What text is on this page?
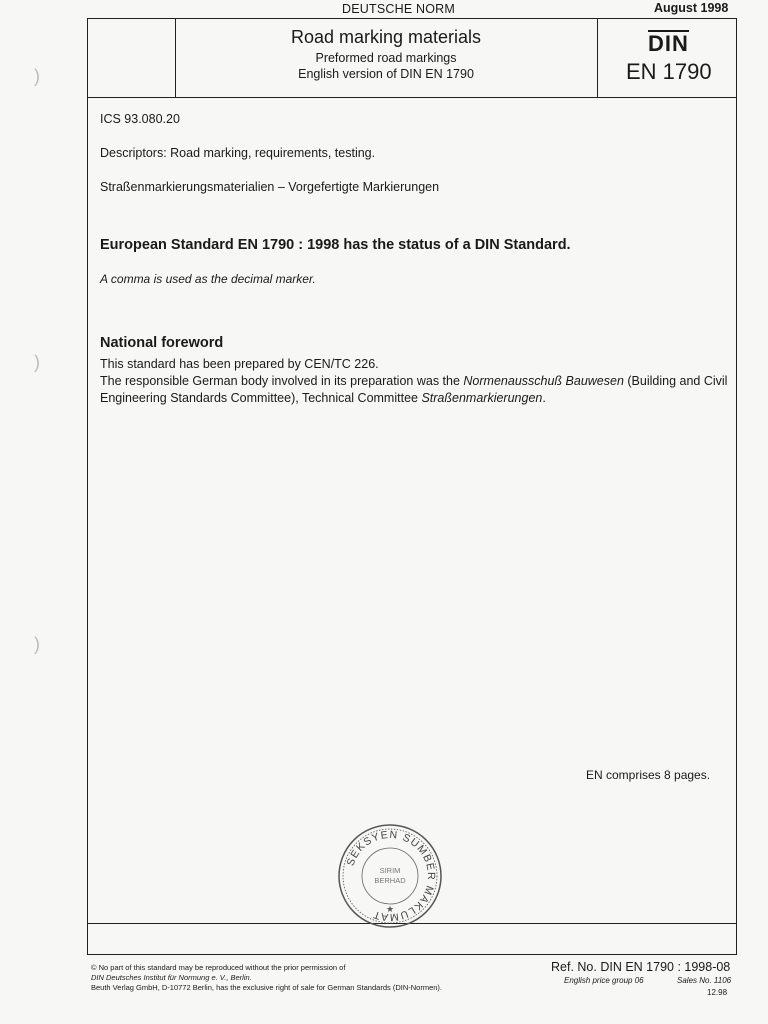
DEUTSCHE NORM	August 1998
Road marking materials
Preformed road markings
English version of DIN EN 1790
DIN
EN 1790
ICS 93.080.20
Descriptors: Road marking, requirements, testing.
Straßenmarkierungsmaterialien – Vorgefertigte Markierungen
European Standard EN 1790 : 1998 has the status of a DIN Standard.
A comma is used as the decimal marker.
National foreword
This standard has been prepared by CEN/TC 226.
The responsible German body involved in its preparation was the Normenausschuß Bauwesen (Building and Civil Engineering Standards Committee), Technical Committee Straßenmarkierungen.
EN comprises 8 pages.
SEKSYEN SUMBER MAKLUMAT
SIRIM
BERHAD
★
© No part of this standard may be reproduced without the prior permission of
DIN Deutsches Institut für Normung e. V., Berlin.
Beuth Verlag GmbH, D-10772 Berlin, has the exclusive right of sale for German Standards (DIN-Normen).
Ref. No. DIN EN 1790 : 1998-08
English price group 06	Sales No. 1106
12.98
)
)
)
